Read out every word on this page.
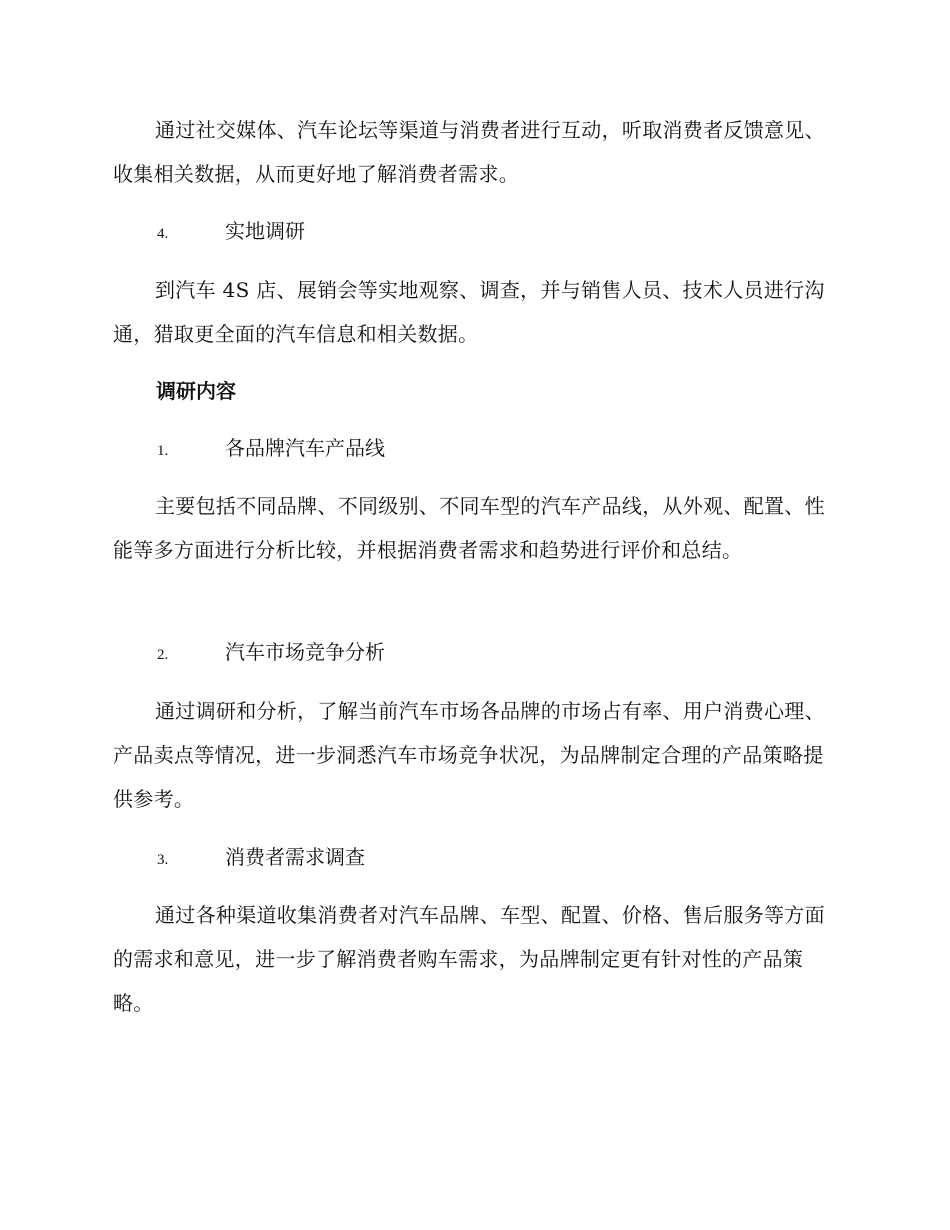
通过社交媒体、汽车论坛等渠道与消费者进行互动，听取消费者反馈意见、收集相关数据，从而更好地了解消费者需求。

4.	实地调研

到汽车 4S 店、展销会等实地观察、调查，并与销售人员、技术人员进行沟通，猎取更全面的汽车信息和相关数据。

调研内容
1.	各品牌汽车产品线

主要包括不同品牌、不同级别、不同车型的汽车产品线，从外观、配置、性能等多方面进行分析比较，并根据消费者需求和趋势进行评价和总结。

2.	汽车市场竞争分析

通过调研和分析，了解当前汽车市场各品牌的市场占有率、用户消费心理、产品卖点等情况，进一步洞悉汽车市场竞争状况，为品牌制定合理的产品策略提供参考。

3.	消费者需求调查

通过各种渠道收集消费者对汽车品牌、车型、配置、价格、售后服务等方面的需求和意见，进一步了解消费者购车需求，为品牌制定更有针对性的产品策略。
